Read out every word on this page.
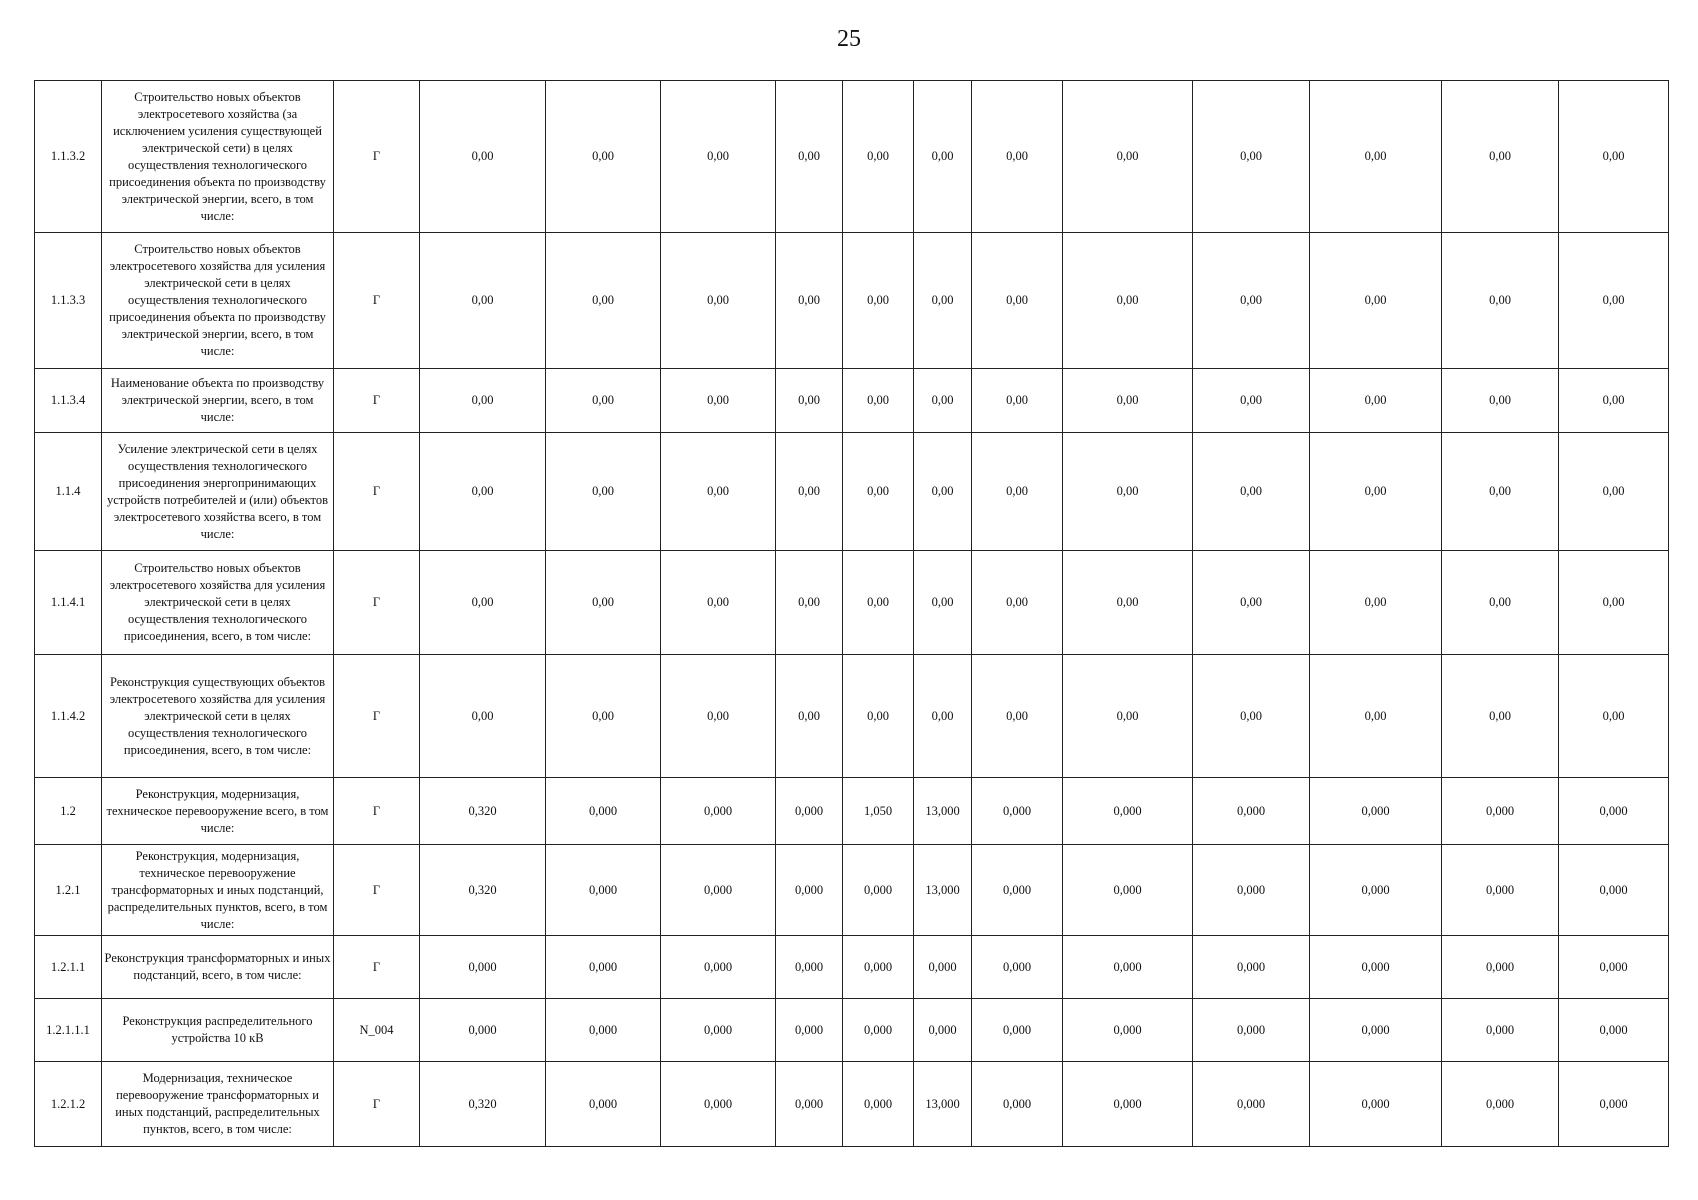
25
1.1.3.2	Строительство новых объектов электросетевого хозяйства (за исключением усиления существующей электрической сети) в целях осуществления технологического присоединения объекта по производству электрической энергии, всего, в том числе:	Г	0,00	0,00	0,00	0,00	0,00	0,00	0,00	0,00	0,00	0,00	0,00	0,00
1.1.3.3	Строительство новых объектов электросетевого хозяйства для усиления электрической сети в целях осуществления технологического присоединения объекта по производству электрической энергии, всего, в том числе:	Г	0,00	0,00	0,00	0,00	0,00	0,00	0,00	0,00	0,00	0,00	0,00	0,00
1.1.3.4	Наименование объекта по производству электрической энергии, всего, в том числе:	Г	0,00	0,00	0,00	0,00	0,00	0,00	0,00	0,00	0,00	0,00	0,00	0,00
1.1.4	Усиление электрической сети в целях осуществления технологического присоединения энергопринимающих устройств потребителей и (или) объектов электросетевого хозяйства всего, в том числе:	Г	0,00	0,00	0,00	0,00	0,00	0,00	0,00	0,00	0,00	0,00	0,00	0,00
1.1.4.1	Строительство новых объектов электросетевого хозяйства для усиления электрической сети в целях осуществления технологического присоединения, всего, в том числе:	Г	0,00	0,00	0,00	0,00	0,00	0,00	0,00	0,00	0,00	0,00	0,00	0,00
1.1.4.2	Реконструкция существующих объектов электросетевого хозяйства для усиления электрической сети в целях осуществления технологического присоединения, всего, в том числе:	Г	0,00	0,00	0,00	0,00	0,00	0,00	0,00	0,00	0,00	0,00	0,00	0,00
1.2	Реконструкция, модернизация, техническое перевооружение всего, в том числе:	Г	0,320	0,000	0,000	0,000	1,050	13,000	0,000	0,000	0,000	0,000	0,000	0,000
1.2.1	Реконструкция, модернизация, техническое перевооружение трансформаторных и иных подстанций, распределительных пунктов, всего, в том числе:	Г	0,320	0,000	0,000	0,000	0,000	13,000	0,000	0,000	0,000	0,000	0,000	0,000
1.2.1.1	Реконструкция трансформаторных и иных подстанций, всего, в том числе:	Г	0,000	0,000	0,000	0,000	0,000	0,000	0,000	0,000	0,000	0,000	0,000	0,000
1.2.1.1.1	Реконструкция распределительного устройства 10 кВ	N_004	0,000	0,000	0,000	0,000	0,000	0,000	0,000	0,000	0,000	0,000	0,000	0,000
1.2.1.2	Модернизация, техническое перевооружение трансформаторных и иных подстанций, распределительных пунктов, всего, в том числе:	Г	0,320	0,000	0,000	0,000	0,000	13,000	0,000	0,000	0,000	0,000	0,000	0,000
